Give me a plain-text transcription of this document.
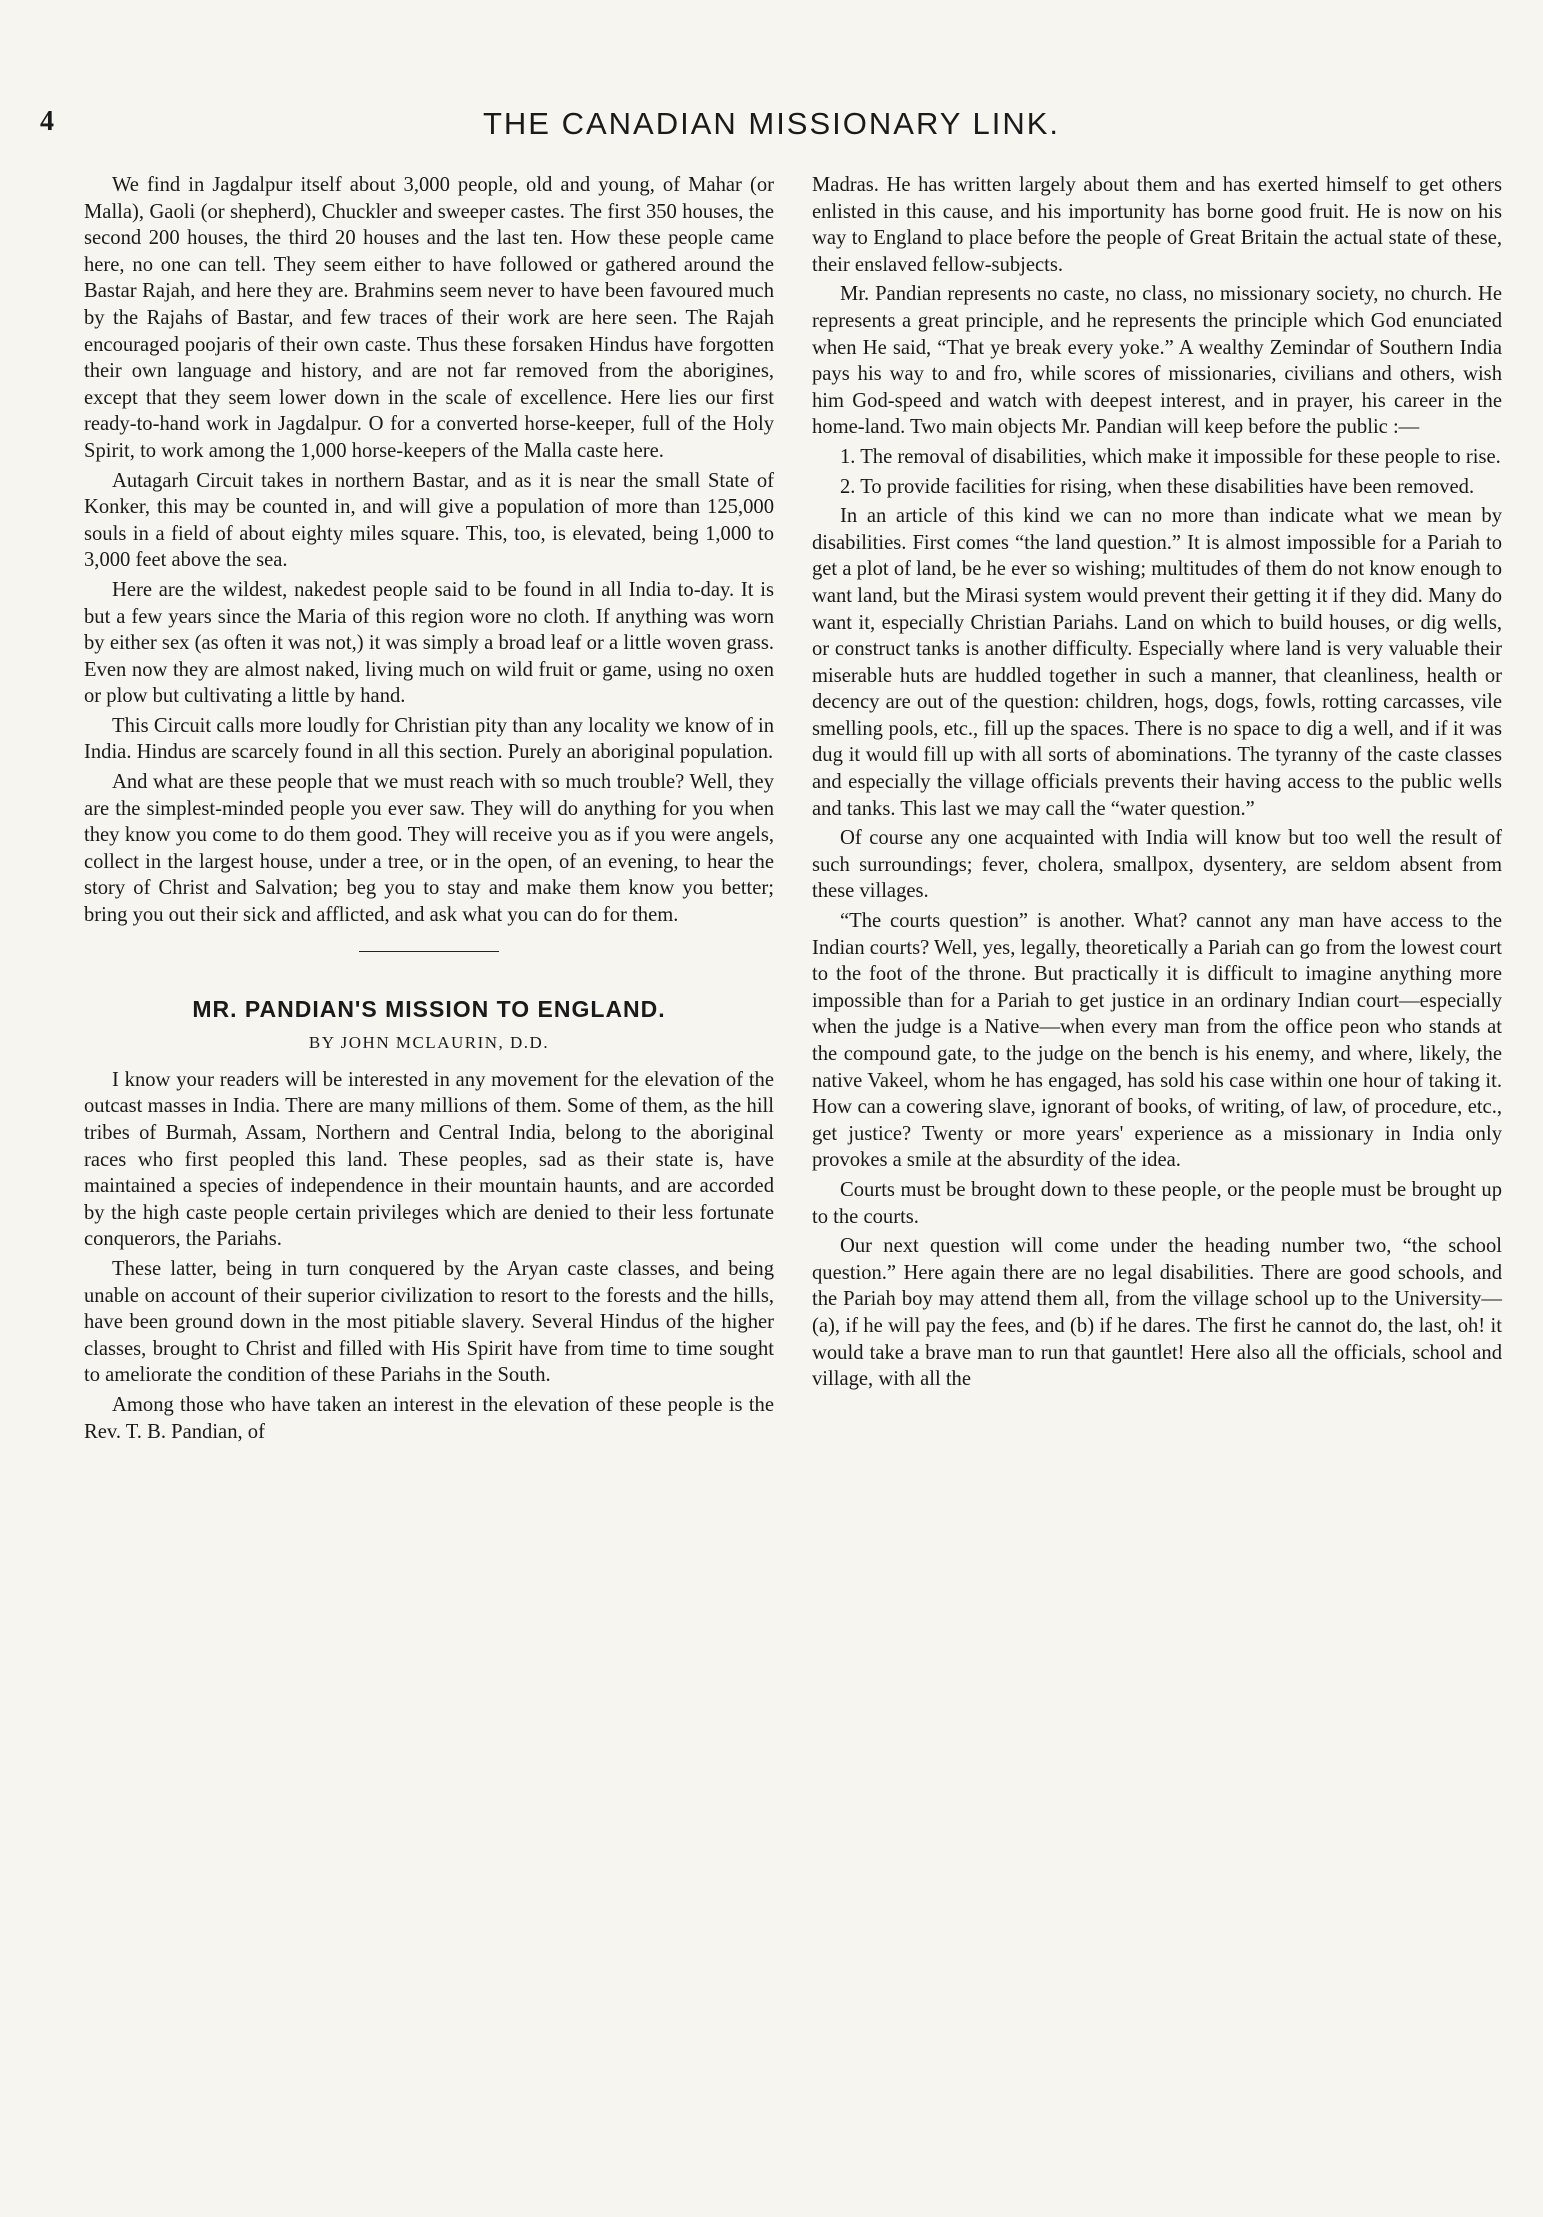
4	THE CANADIAN MISSIONARY LINK.

We find in Jagdalpur itself about 3,000 people, old and young, of Mahar (or Malla), Gaoli (or shepherd), Chuckler and sweeper castes. The first 350 houses, the second 200 houses, the third 20 houses and the last ten. How these people came here, no one can tell. They seem either to have followed or gathered around the Bastar Rajah, and here they are. Brahmins seem never to have been favoured much by the Rajahs of Bastar, and few traces of their work are here seen. The Rajah encouraged poojaris of their own caste. Thus these forsaken Hindus have forgotten their own language and history, and are not far removed from the aborigines, except that they seem lower down in the scale of excellence. Here lies our first ready-to-hand work in Jagdalpur. O for a converted horse-keeper, full of the Holy Spirit, to work among the 1,000 horse-keepers of the Malla caste here.

Autagarh Circuit takes in northern Bastar, and as it is near the small State of Konker, this may be counted in, and will give a population of more than 125,000 souls in a field of about eighty miles square. This, too, is elevated, being 1,000 to 3,000 feet above the sea.

Here are the wildest, nakedest people said to be found in all India to-day. It is but a few years since the Maria of this region wore no cloth. If anything was worn by either sex (as often it was not,) it was simply a broad leaf or a little woven grass. Even now they are almost naked, living much on wild fruit or game, using no oxen or plow but cultivating a little by hand.

This Circuit calls more loudly for Christian pity than any locality we know of in India. Hindus are scarcely found in all this section. Purely an aboriginal population.

And what are these people that we must reach with so much trouble? Well, they are the simplest-minded people you ever saw. They will do anything for you when they know you come to do them good. They will receive you as if you were angels, collect in the largest house, under a tree, or in the open, of an evening, to hear the story of Christ and Salvation; beg you to stay and make them know you better; bring you out their sick and afflicted, and ask what you can do for them.

MR. PANDIAN'S MISSION TO ENGLAND.
BY JOHN MCLAURIN, D.D.

I know your readers will be interested in any movement for the elevation of the outcast masses in India. There are many millions of them. Some of them, as the hill tribes of Burmah, Assam, Northern and Central India, belong to the aboriginal races who first peopled this land. These peoples, sad as their state is, have maintained a species of independence in their mountain haunts, and are accorded by the high caste people certain privileges which are denied to their less fortunate conquerors, the Pariahs.

These latter, being in turn conquered by the Aryan caste classes, and being unable on account of their superior civilization to resort to the forests and the hills, have been ground down in the most pitiable slavery. Several Hindus of the higher classes, brought to Christ and filled with His Spirit have from time to time sought to ameliorate the condition of these Pariahs in the South.

Among those who have taken an interest in the elevation of these people is the Rev. T. B. Pandian, of

Madras. He has written largely about them and has exerted himself to get others enlisted in this cause, and his importunity has borne good fruit. He is now on his way to England to place before the people of Great Britain the actual state of these, their enslaved fellow-subjects.

Mr. Pandian represents no caste, no class, no missionary society, no church. He represents a great principle, and he represents the principle which God enunciated when He said, “That ye break every yoke.” A wealthy Zemindar of Southern India pays his way to and fro, while scores of missionaries, civilians and others, wish him God-speed and watch with deepest interest, and in prayer, his career in the home-land. Two main objects Mr. Pandian will keep before the public :—

1. The removal of disabilities, which make it impossible for these people to rise.

2. To provide facilities for rising, when these disabilities have been removed.

In an article of this kind we can no more than indicate what we mean by disabilities. First comes “the land question.” It is almost impossible for a Pariah to get a plot of land, be he ever so wishing; multitudes of them do not know enough to want land, but the Mirasi system would prevent their getting it if they did. Many do want it, especially Christian Pariahs. Land on which to build houses, or dig wells, or construct tanks is another difficulty. Especially where land is very valuable their miserable huts are huddled together in such a manner, that cleanliness, health or decency are out of the question: children, hogs, dogs, fowls, rotting carcasses, vile smelling pools, etc., fill up the spaces. There is no space to dig a well, and if it was dug it would fill up with all sorts of abominations. The tyranny of the caste classes and especially the village officials prevents their having access to the public wells and tanks. This last we may call the “water question.”

Of course any one acquainted with India will know but too well the result of such surroundings; fever, cholera, smallpox, dysentery, are seldom absent from these villages.

“The courts question” is another. What? cannot any man have access to the Indian courts? Well, yes, legally, theoretically a Pariah can go from the lowest court to the foot of the throne. But practically it is difficult to imagine anything more impossible than for a Pariah to get justice in an ordinary Indian court—especially when the judge is a Native—when every man from the office peon who stands at the compound gate, to the judge on the bench is his enemy, and where, likely, the native Vakeel, whom he has engaged, has sold his case within one hour of taking it. How can a cowering slave, ignorant of books, of writing, of law, of procedure, etc., get justice? Twenty or more years' experience as a missionary in India only provokes a smile at the absurdity of the idea.

Courts must be brought down to these people, or the people must be brought up to the courts.

Our next question will come under the heading number two, “the school question.” Here again there are no legal disabilities. There are good schools, and the Pariah boy may attend them all, from the village school up to the University—(a), if he will pay the fees, and (b) if he dares. The first he cannot do, the last, oh! it would take a brave man to run that gauntlet! Here also all the officials, school and village, with all the
